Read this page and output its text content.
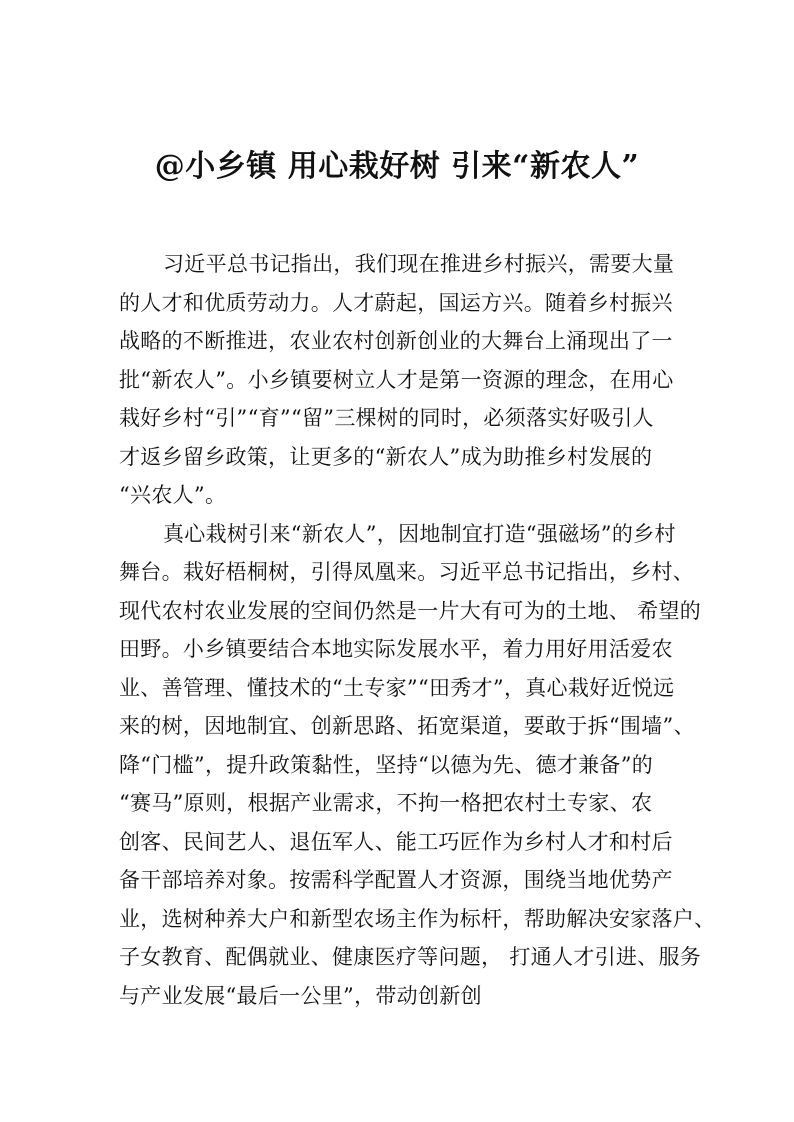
@小乡镇 用心栽好树 引来“新农人”
习近平总书记指出，我们现在推进乡村振兴，需要大量
的人才和优质劳动力。人才蔚起，国运方兴。随着乡村振兴
战略的不断推进，农业农村创新创业的大舞台上涌现出了一
批“新农人”。小乡镇要树立人才是第一资源的理念，在用心
栽好乡村“引”“育”“留”三棵树的同时，必须落实好吸引人
才返乡留乡政策，让更多的“新农人”成为助推乡村发展的
“兴农人”。
真心栽树引来“新农人”，因地制宜打造“强磁场”的乡村
舞台。栽好梧桐树，引得凤凰来。习近平总书记指出，乡村、
现代农村农业发展的空间仍然是一片大有可为的土地、 希望的
田野。小乡镇要结合本地实际发展水平，着力用好用活爱农
业、善管理、懂技术的“土专家”“田秀才”，真心栽好近悦远
来的树，因地制宜、创新思路、拓宽渠道，要敢于拆“围墙”、
降“门槛”，提升政策黏性，坚持“以德为先、德才兼备”的
“赛马”原则，根据产业需求，不拘一格把农村土专家、农
创客、民间艺人、退伍军人、能工巧匠作为乡村人才和村后
备干部培养对象。按需科学配置人才资源，围绕当地优势产
业，选树种养大户和新型农场主作为标杆，帮助解决安家落户、
子女教育、配偶就业、健康医疗等问题， 打通人才引进、服务
与产业发展“最后一公里”，带动创新创
